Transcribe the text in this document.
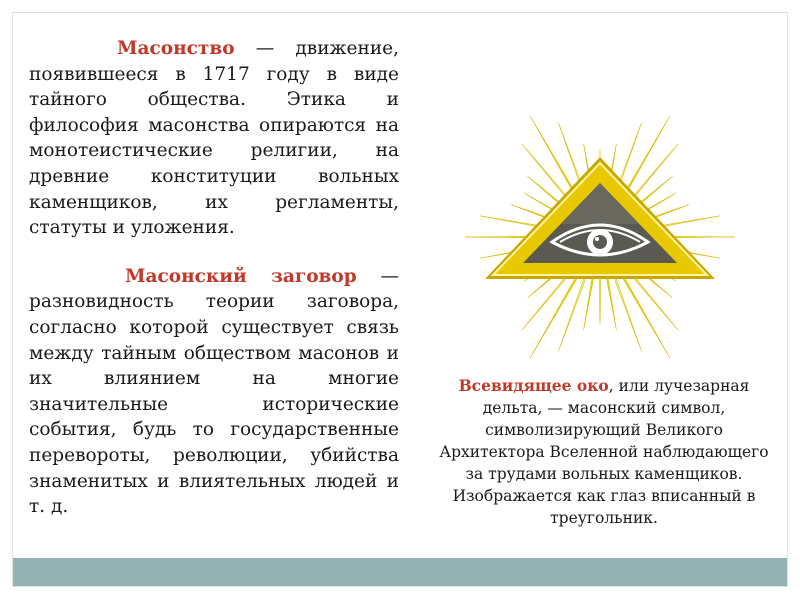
Масонство — движение, появившееся в 1717 году в виде тайного общества. Этика и философия масонства опираются на монотеистические религии, на древние конституции вольных каменщиков, их регламенты, статуты и уложения.

Масонский заговор — разновидность теории заговора, согласно которой существует связь между тайным обществом масонов и их влиянием на многие значительные исторические события, будь то государственные перевороты, революции, убийства знаменитых и влиятельных людей и т. д.

Всевидящее око, или лучезарная дельта, — масонский символ, символизирующий Великого Архитектора Вселенной наблюдающего за трудами вольных каменщиков. Изображается как глаз вписанный в треугольник.
